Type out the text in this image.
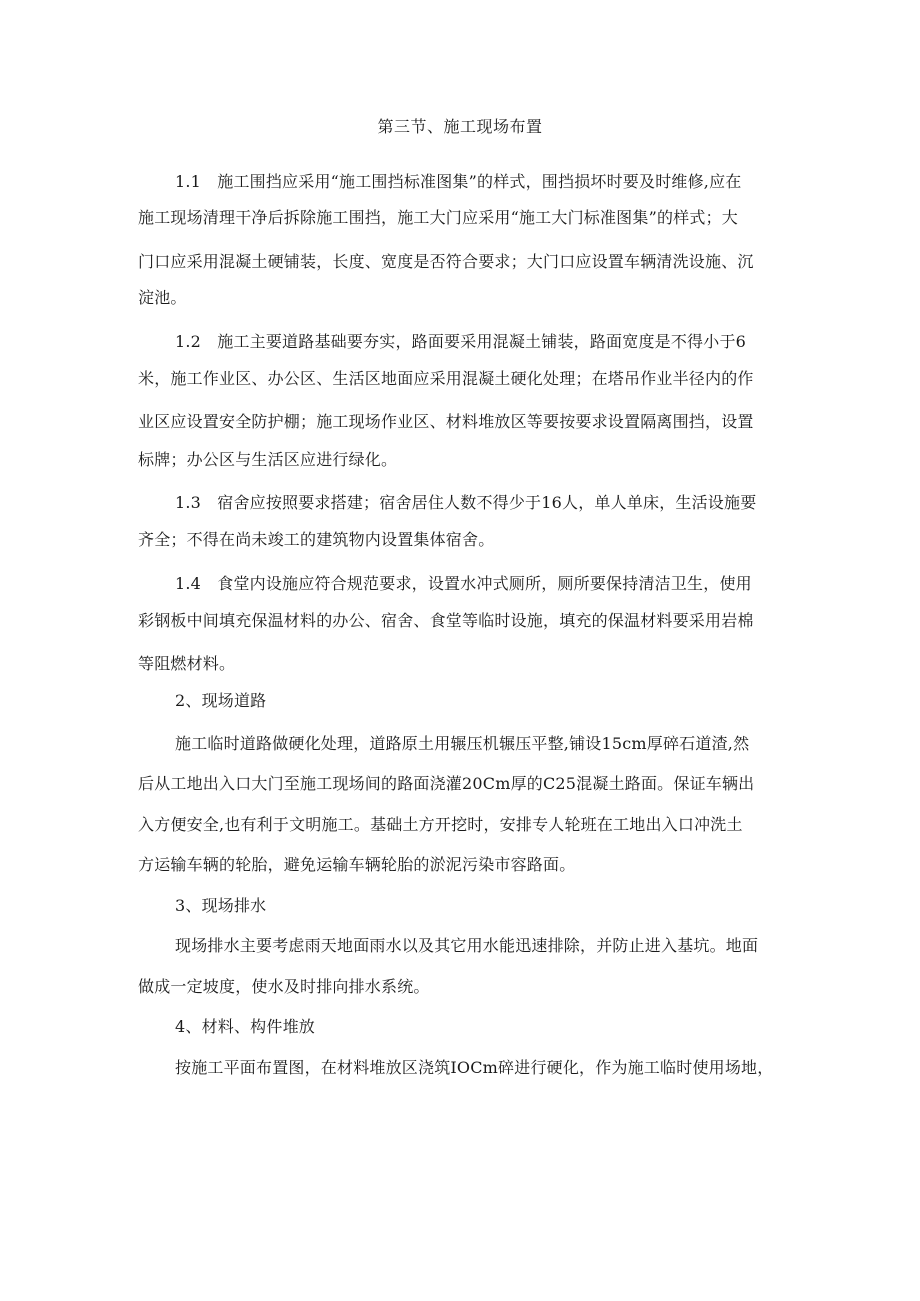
第三节、施工现场布置

1.1　施工围挡应采用“施工围挡标准图集”的样式，围挡损坏时要及时维修,应在

施工现场清理干净后拆除施工围挡，施工大门应采用“施工大门标准图集”的样式；大

门口应采用混凝土硬铺装，长度、宽度是否符合要求；大门口应设置车辆清洗设施、沉

淀池。

1.2　施工主要道路基础要夯实，路面要采用混凝土铺装，路面宽度是不得小于6

米，施工作业区、办公区、生活区地面应采用混凝土硬化处理；在塔吊作业半径内的作

业区应设置安全防护棚；施工现场作业区、材料堆放区等要按要求设置隔离围挡，设置

标牌；办公区与生活区应进行绿化。

1.3　宿舍应按照要求搭建；宿舍居住人数不得少于16人，单人单床，生活设施要

齐全；不得在尚未竣工的建筑物内设置集体宿舍。

1.4　食堂内设施应符合规范要求，设置水冲式厕所，厕所要保持清洁卫生，使用

彩钢板中间填充保温材料的办公、宿舍、食堂等临时设施，填充的保温材料要采用岩棉

等阻燃材料。

2、现场道路

施工临时道路做硬化处理，道路原土用辗压机辗压平整,铺设15cm厚碎石道渣,然

后从工地出入口大门至施工现场间的路面浇灌20Cm厚的C25混凝土路面。保证车辆出

入方便安全,也有利于文明施工。基础土方开挖时，安排专人轮班在工地出入口冲洗土

方运输车辆的轮胎，避免运输车辆轮胎的淤泥污染市容路面。

3、现场排水

现场排水主要考虑雨天地面雨水以及其它用水能迅速排除，并防止进入基坑。地面

做成一定坡度，使水及时排向排水系统。

4、材料、构件堆放

按施工平面布置图，在材料堆放区浇筑IOCm碎进行硬化，作为施工临时使用场地，
